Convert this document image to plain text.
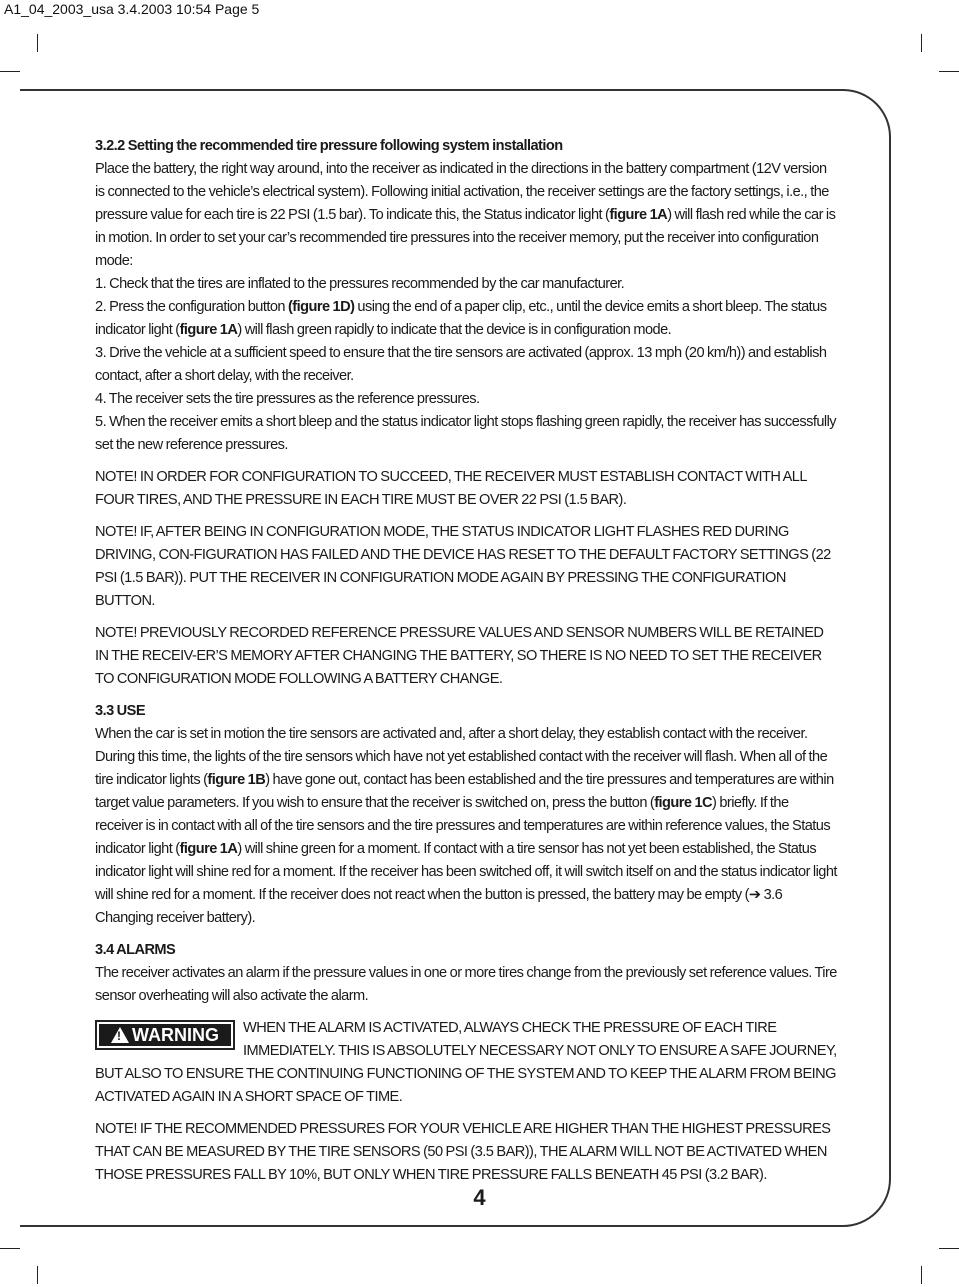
A1_04_2003_usa 3.4.2003 10:54 Page 5

3.2.2 Setting the recommended tire pressure following system installation

Place the battery, the right way around, into the receiver as indicated in the directions in the battery compartment (12V version is connected to the vehicle’s electrical system). Following initial activation, the receiver settings are the factory settings, i.e., the pressure value for each tire is 22 PSI (1.5 bar). To indicate this, the Status indicator light (figure 1A) will flash red while the car is in motion. In order to set your car’s recommended tire pressures into the receiver memory, put the receiver into configuration mode:

1. Check that the tires are inflated to the pressures recommended by the car manufacturer.

2. Press the configuration button (figure 1D) using the end of a paper clip, etc., until the device emits a short bleep. The status indicator light (figure 1A) will flash green rapidly to indicate that the device is in configuration mode.

3. Drive the vehicle at a sufficient speed to ensure that the tire sensors are activated (approx. 13 mph (20 km/h)) and establish contact, after a short delay, with the receiver.

4. The receiver sets the tire pressures as the reference pressures.

5. When the receiver emits a short bleep and the status indicator light stops flashing green rapidly, the receiver has successfully set the new reference pressures.

NOTE! IN ORDER FOR CONFIGURATION TO SUCCEED, THE RECEIVER MUST ESTABLISH CONTACT WITH ALL FOUR TIRES, AND THE PRESSURE IN EACH TIRE MUST BE OVER 22 PSI (1.5 BAR).

NOTE! IF, AFTER BEING IN CONFIGURATION MODE, THE STATUS INDICATOR LIGHT FLASHES RED DURING DRIVING, CON-FIGURATION HAS FAILED AND THE DEVICE HAS RESET TO THE DEFAULT FACTORY SETTINGS (22 PSI (1.5 BAR)). PUT THE RECEIVER IN CONFIGURATION MODE AGAIN BY PRESSING THE CONFIGURATION BUTTON.

NOTE! PREVIOUSLY RECORDED REFERENCE PRESSURE VALUES AND SENSOR NUMBERS WILL BE RETAINED IN THE RECEIV-ER’S MEMORY AFTER CHANGING THE BATTERY, SO THERE IS NO NEED TO SET THE RECEIVER TO CONFIGURATION MODE FOLLOWING A BATTERY CHANGE.

3.3 USE

When the car is set in motion the tire sensors are activated and, after a short delay, they establish contact with the receiver. During this time, the lights of the tire sensors which have not yet established contact with the receiver will flash. When all of the tire indicator lights (figure 1B) have gone out, contact has been established and the tire pressures and temperatures are within target value parameters. If you wish to ensure that the receiver is switched on, press the button (figure 1C) briefly. If the receiver is in contact with all of the tire sensors and the tire pressures and temperatures are within reference values, the Status indicator light (figure 1A) will shine green for a moment. If contact with a tire sensor has not yet been established, the Status indicator light will shine red for a moment. If the receiver has been switched off, it will switch itself on and the status indicator light will shine red for a moment. If the receiver does not react when the button is pressed, the battery may be empty (➔ 3.6 Changing receiver battery).

3.4 ALARMS

The receiver activates an alarm if the pressure values in one or more tires change from the previously set reference values. Tire sensor overheating will also activate the alarm.

! WARNING	WHEN THE ALARM IS ACTIVATED, ALWAYS CHECK THE PRESSURE OF EACH TIRE IMMEDIATELY. THIS IS ABSOLUTELY NECESSARY NOT ONLY TO ENSURE A SAFE JOURNEY, BUT ALSO TO ENSURE THE CONTINUING FUNCTIONING OF THE SYSTEM AND TO KEEP THE ALARM FROM BEING ACTIVATED AGAIN IN A SHORT SPACE OF TIME.

NOTE! IF THE RECOMMENDED PRESSURES FOR YOUR VEHICLE ARE HIGHER THAN THE HIGHEST PRESSURES THAT CAN BE MEASURED BY THE TIRE SENSORS (50 PSI (3.5 BAR)), THE ALARM WILL NOT BE ACTIVATED WHEN THOSE PRESSURES FALL BY 10%, BUT ONLY WHEN TIRE PRESSURE FALLS BENEATH 45 PSI (3.2 BAR).

4
